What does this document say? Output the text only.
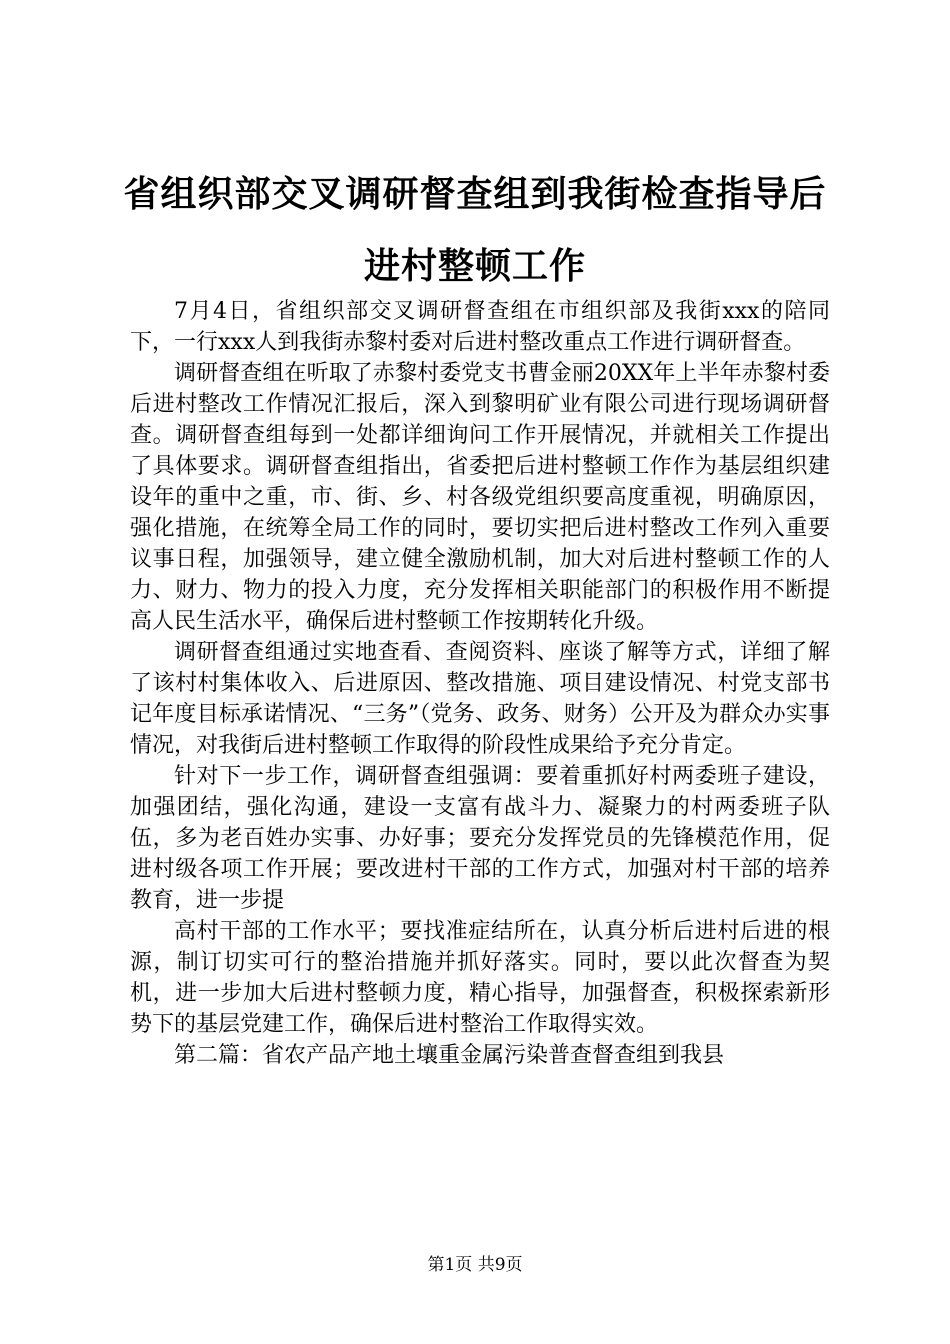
省组织部交叉调研督查组到我街检查指导后进村整顿工作

7月4日，省组织部交叉调研督查组在市组织部及我街xxx的陪同下，一行xxx人到我街赤黎村委对后进村整改重点工作进行调研督查。

调研督查组在听取了赤黎村委党支书曹金丽20XX年上半年赤黎村委后进村整改工作情况汇报后，深入到黎明矿业有限公司进行现场调研督查。调研督查组每到一处都详细询问工作开展情况，并就相关工作提出了具体要求。调研督查组指出，省委把后进村整顿工作作为基层组织建设年的重中之重，市、街、乡、村各级党组织要高度重视，明确原因，强化措施，在统筹全局工作的同时，要切实把后进村整改工作列入重要议事日程，加强领导，建立健全激励机制，加大对后进村整顿工作的人力、财力、物力的投入力度，充分发挥相关职能部门的积极作用不断提高人民生活水平，确保后进村整顿工作按期转化升级。

调研督查组通过实地查看、查阅资料、座谈了解等方式，详细了解了该村村集体收入、后进原因、整改措施、项目建设情况、村党支部书记年度目标承诺情况、“三务”（党务、政务、财务）公开及为群众办实事情况，对我街后进村整顿工作取得的阶段性成果给予充分肯定。

针对下一步工作，调研督查组强调：要着重抓好村两委班子建设，加强团结，强化沟通，建设一支富有战斗力、凝聚力的村两委班子队伍，多为老百姓办实事、办好事；要充分发挥党员的先锋模范作用，促进村级各项工作开展；要改进村干部的工作方式，加强对村干部的培养教育，进一步提

高村干部的工作水平；要找准症结所在，认真分析后进村后进的根源，制订切实可行的整治措施并抓好落实。同时，要以此次督查为契机，进一步加大后进村整顿力度，精心指导，加强督查，积极探索新形势下的基层党建工作，确保后进村整治工作取得实效。

第二篇：省农产品产地土壤重金属污染普查督查组到我县

第1页 共9页
